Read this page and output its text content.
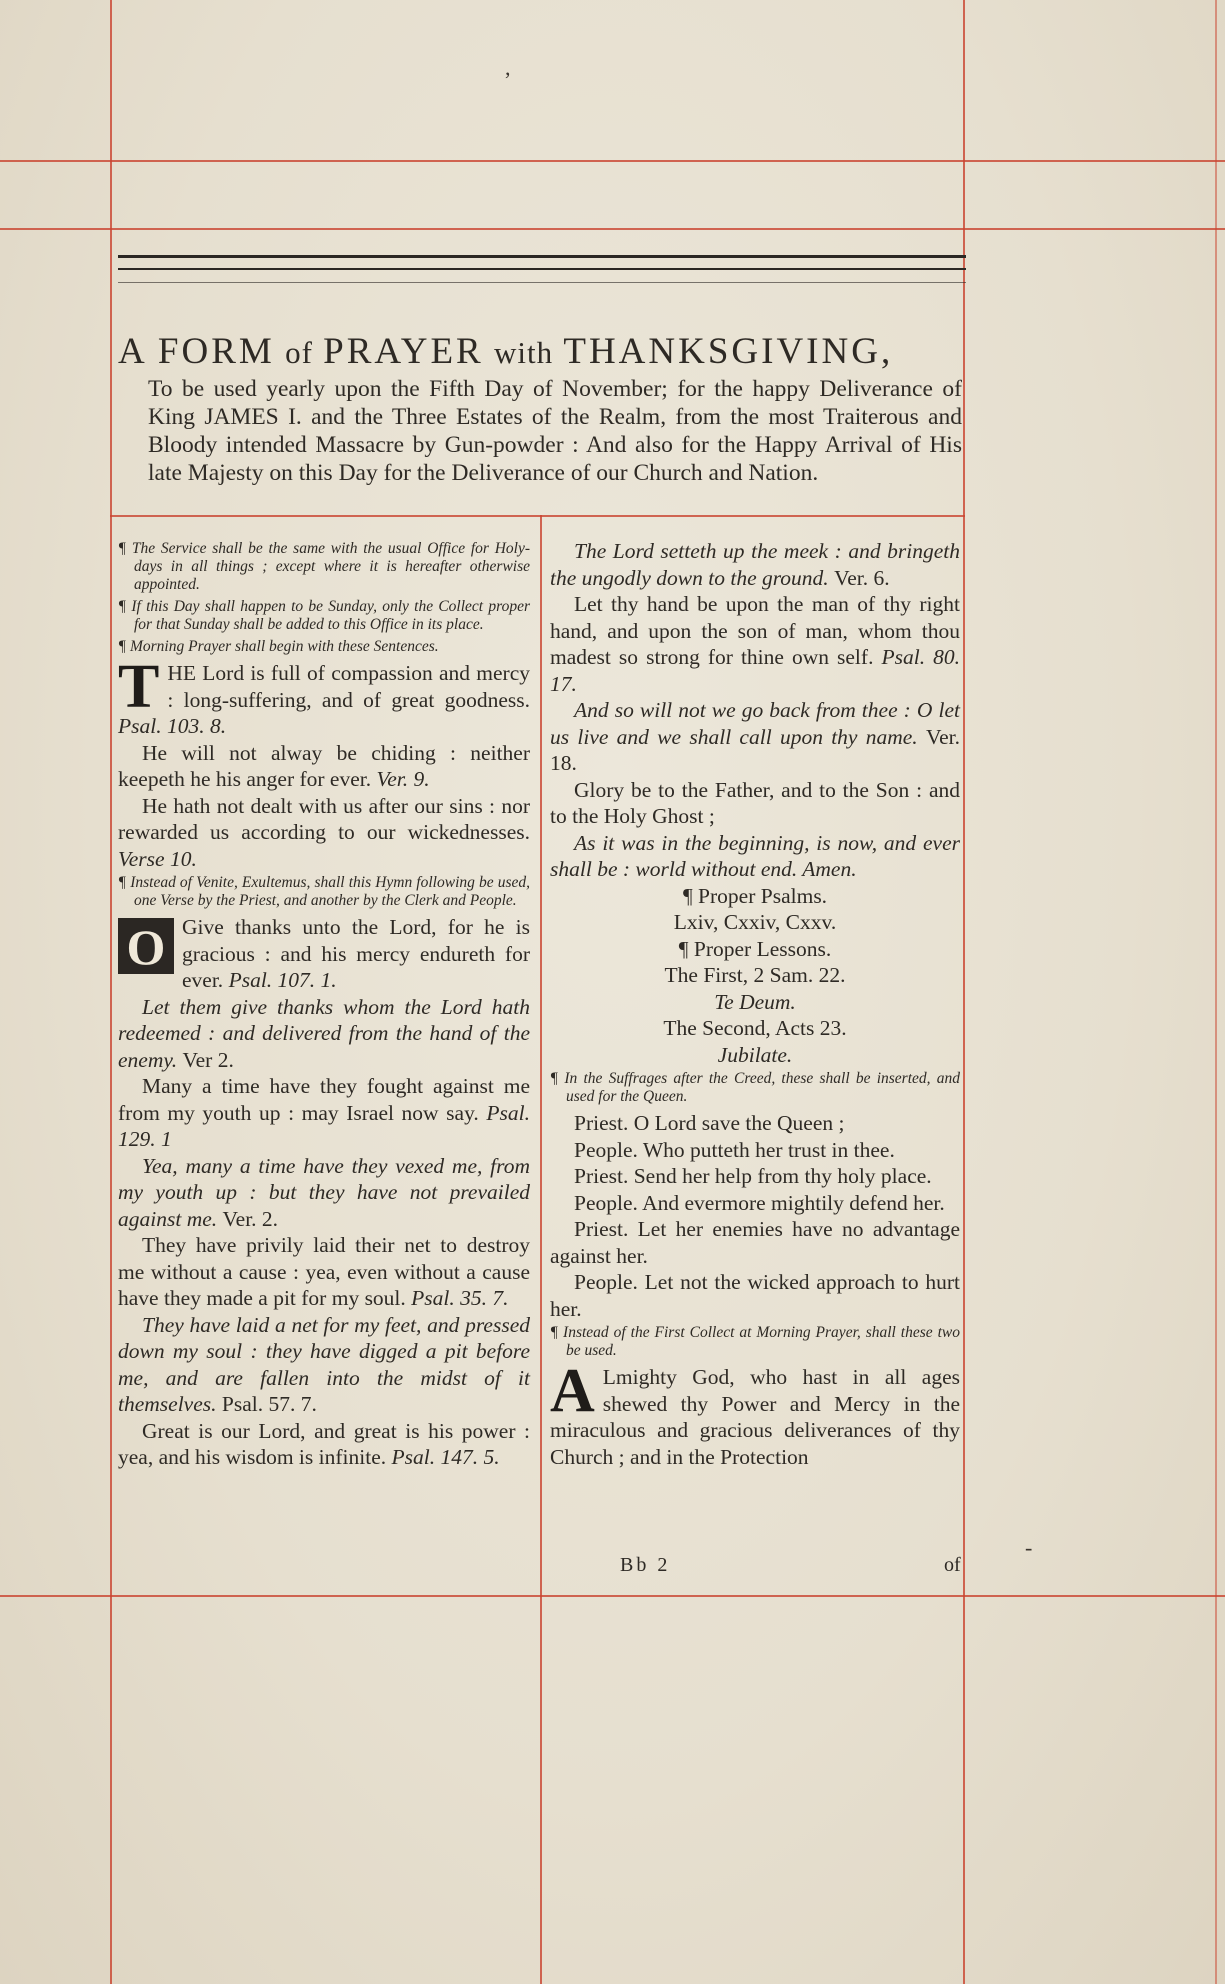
A FORM of PRAYER with THANKSGIVING,
To be used yearly upon the Fifth Day of November; for the happy Deliverance of King JAMES I. and the Three Estates of the Realm, from the most Traiterous and Bloody intended Massacre by Gun-powder : And also for the Happy Arrival of His late Majesty on this Day for the Deliverance of our Church and Nation.
¶ The Service shall be the same with the usual Office for Holy-days in all things ; except where it is hereafter otherwise appointed.
¶ If this Day shall happen to be Sunday, only the Collect proper for that Sunday shall be added to this Office in its place.
¶ Morning Prayer shall begin with these Sentences.
THE Lord is full of compassion and mercy : long-suffering, and of great goodness. Psal. 103. 8.
He will not alway be chiding : neither keepeth he his anger for ever. Ver. 9.
He hath not dealt with us after our sins : nor rewarded us according to our wickednesses. Verse 10.
¶ Instead of Venite, Exultemus, shall this Hymn following be used, one Verse by the Priest, and another by the Clerk and People.
O Give thanks unto the Lord, for he is gracious : and his mercy endureth for ever. Psal. 107. 1.
Let them give thanks whom the Lord hath redeemed : and delivered from the hand of the enemy. Ver 2.
Many a time have they fought against me from my youth up : may Israel now say. Psal. 129. 1
Yea, many a time have they vexed me, from my youth up : but they have not prevailed against me. Ver. 2.
They have privily laid their net to destroy me without a cause : yea, even without a cause have they made a pit for my soul. Psal. 35. 7.
They have laid a net for my feet, and pressed down my soul : they have digged a pit before me, and are fallen into the midst of it themselves. Psal. 57. 7.
Great is our Lord, and great is his power : yea, and his wisdom is infinite. Psal. 147. 5.
The Lord setteth up the meek : and bringeth the ungodly down to the ground. Ver. 6.
Let thy hand be upon the man of thy right hand, and upon the son of man, whom thou madest so strong for thine own self. Psal. 80. 17.
And so will not we go back from thee : O let us live and we shall call upon thy name. Ver. 18.
Glory be to the Father, and to the Son : and to the Holy Ghost ;
As it was in the beginning, is now, and ever shall be : world without end. Amen.
¶ Proper Psalms.
Lxiv, Cxxiv, Cxxv.
¶ Proper Lessons.
The First, 2 Sam. 22.
Te Deum.
The Second, Acts 23.
Jubilate.
¶ In the Suffrages after the Creed, these shall be inserted, and used for the Queen.
Priest. O Lord save the Queen ;
People. Who putteth her trust in thee.
Priest. Send her help from thy holy place.
People. And evermore mightily defend her.
Priest. Let her enemies have no advantage against her.
People. Let not the wicked approach to hurt her.
¶ Instead of the First Collect at Morning Prayer, shall these two be used.
A Lmighty God, who hast in all ages shewed thy Power and Mercy in the miraculous and gracious deliverances of thy Church ; and in the Protection
Bb 2	of
,
-
